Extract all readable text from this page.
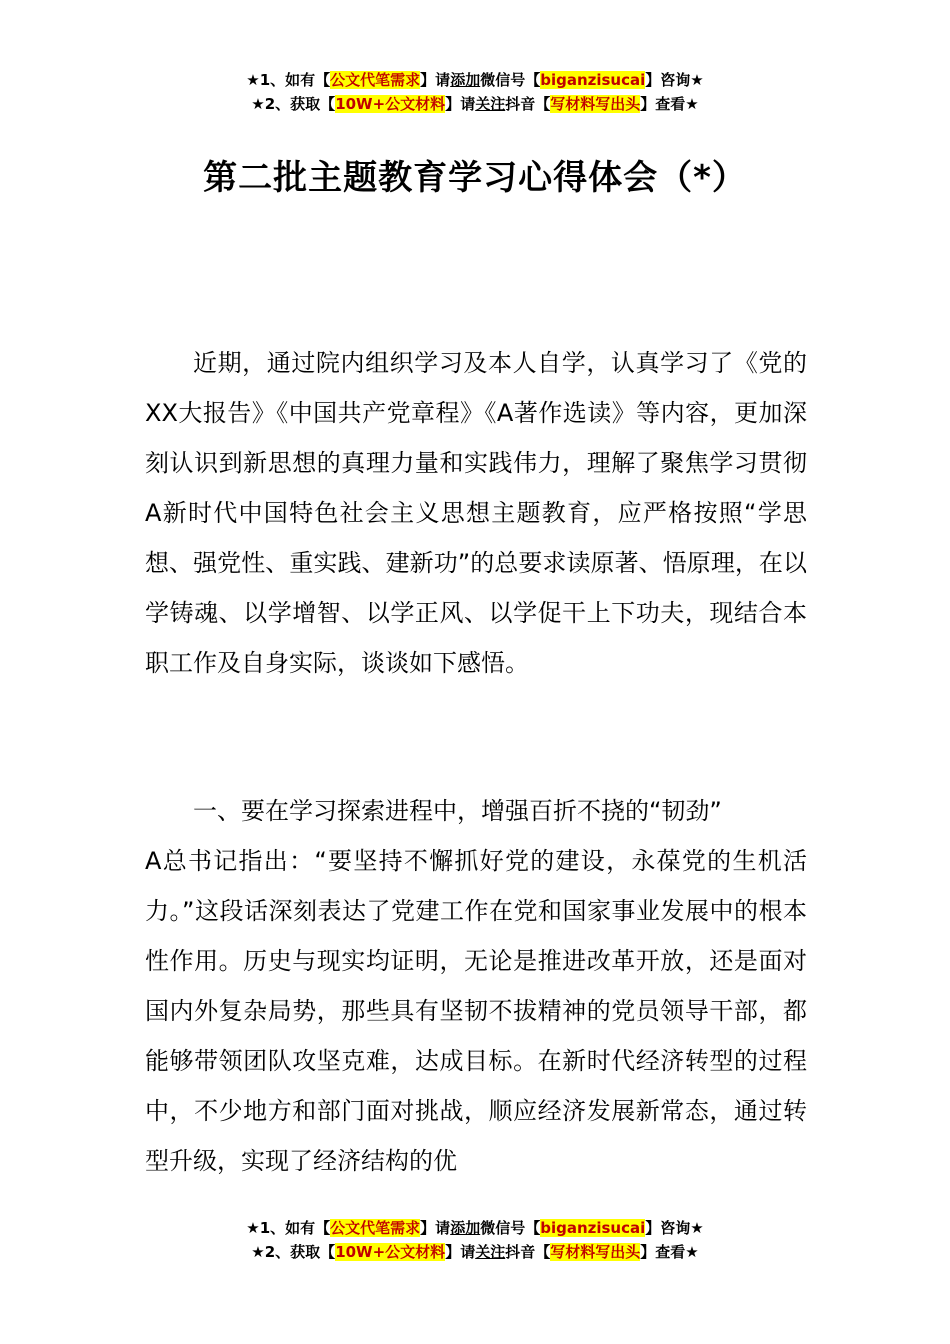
★1、如有【公文代笔需求】请添加微信号【biganzisucai】咨询★
★2、获取【10W+公文材料】请关注抖音【写材料写出头】查看★
第二批主题教育学习心得体会（*）

近期，通过院内组织学习及本人自学，认真学习了《党的XX大报告》《中国共产党章程》《A著作选读》等内容，更加深刻认识到新思想的真理力量和实践伟力，理解了聚焦学习贯彻A新时代中国特色社会主义思想主题教育，应严格按照“学思想、强党性、重实践、建新功”的总要求读原著、悟原理，在以学铸魂、以学增智、以学正风、以学促干上下功夫，现结合本职工作及自身实际，谈谈如下感悟。

一、要在学习探索进程中，增强百折不挠的“韧劲”

A总书记指出：“要坚持不懈抓好党的建设，永葆党的生机活力。”这段话深刻表达了党建工作在党和国家事业发展中的根本性作用。历史与现实均证明，无论是推进改革开放，还是面对国内外复杂局势，那些具有坚韧不拔精神的党员领导干部，都能够带领团队攻坚克难，达成目标。在新时代经济转型的过程中，不少地方和部门面对挑战，顺应经济发展新常态，通过转型升级，实现了经济结构的优

★1、如有【公文代笔需求】请添加微信号【biganzisucai】咨询★
★2、获取【10W+公文材料】请关注抖音【写材料写出头】查看★
